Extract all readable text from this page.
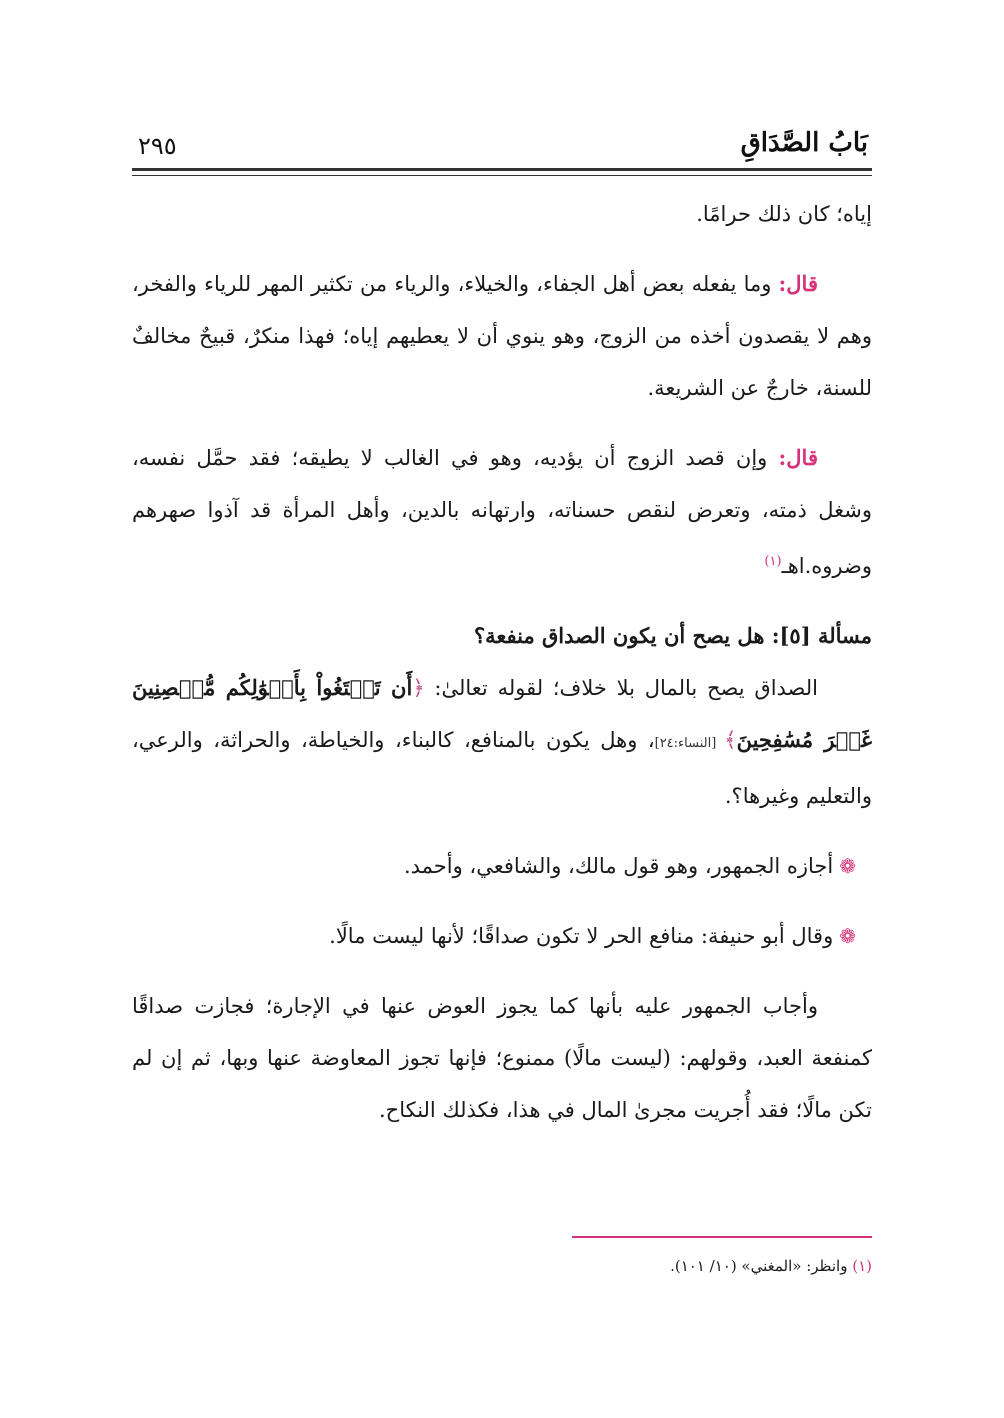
٢٩٥	بَابُ الصَّدَاقِ

إياه؛ كان ذلك حرامًا.

قال: وما يفعله بعض أهل الجفاء، والخيلاء، والرياء من تكثير المهر للرياء والفخر، وهم لا يقصدون أخذه من الزوج، وهو ينوي أن لا يعطيهم إياه؛ فهذا منكرٌ، قبيحٌ مخالفٌ للسنة، خارجٌ عن الشريعة.

قال: وإن قصد الزوج أن يؤديه، وهو في الغالب لا يطيقه؛ فقد حمَّل نفسه، وشغل ذمته، وتعرض لنقص حسناته، وارتهانه بالدين، وأهل المرأة قد آذوا صهرهم وضروه.اهـ$^{(١)}$

مسألة [٥]: هل يصح أن يكون الصداق منفعة؟

الصداق يصح بالمال بلا خلاف؛ لقوله تعالىٰ: ﴿أَن تَبۡتَغُواْ بِأَمۡوَٰلِكُم مُّحۡصِنِينَ غَيۡرَ مُسَٰفِحِينَ﴾ [النساء:٢٤]، وهل يكون بالمنافع، كالبناء، والخياطة، والحراثة، والرعي، والتعليم وغيرها؟.

❁أجازه الجمهور، وهو قول مالك، والشافعي، وأحمد.

❁وقال أبو حنيفة: منافع الحر لا تكون صداقًا؛ لأنها ليست مالًا.

وأجاب الجمهور عليه بأنها كما يجوز العوض عنها في الإجارة؛ فجازت صداقًا كمنفعة العبد، وقولهم: (ليست مالًا) ممنوع؛ فإنها تجوز المعاوضة عنها وبها، ثم إن لم تكن مالًا؛ فقد أُجريت مجرىٰ المال في هذا، فكذلك النكاح.

(١) وانظر: «المغني» (١٠/ ١٠١).
